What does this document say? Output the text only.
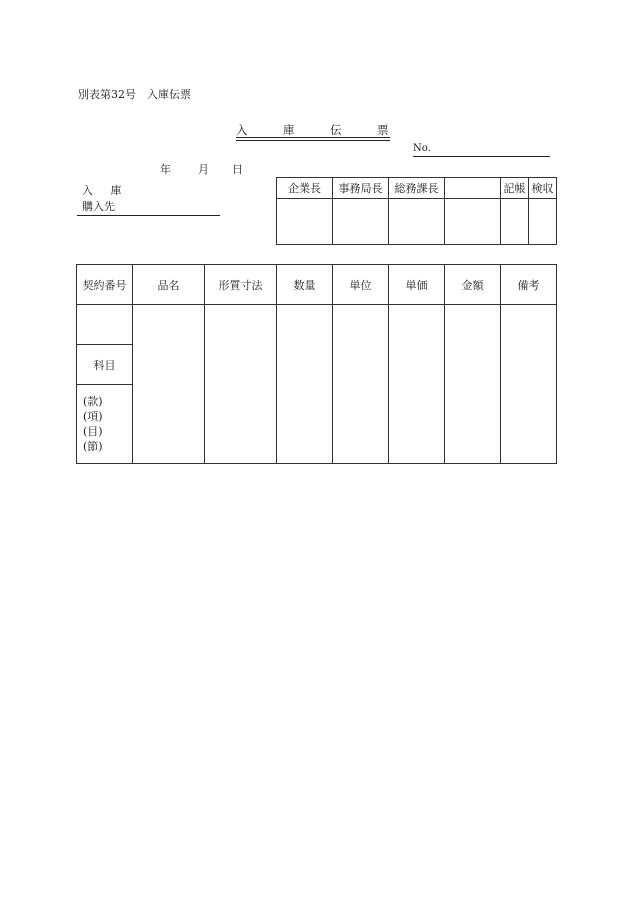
別表第32号　入庫伝票
入	庫	伝	票
No.
年 月 日
入 庫
購入先
企業長	事務局長	総務課長		記帳	検収

契約番号	品名	形質寸法	数量	単位	単価	金額	備考

科目							

(款)
(項)
(目)
(節)							
